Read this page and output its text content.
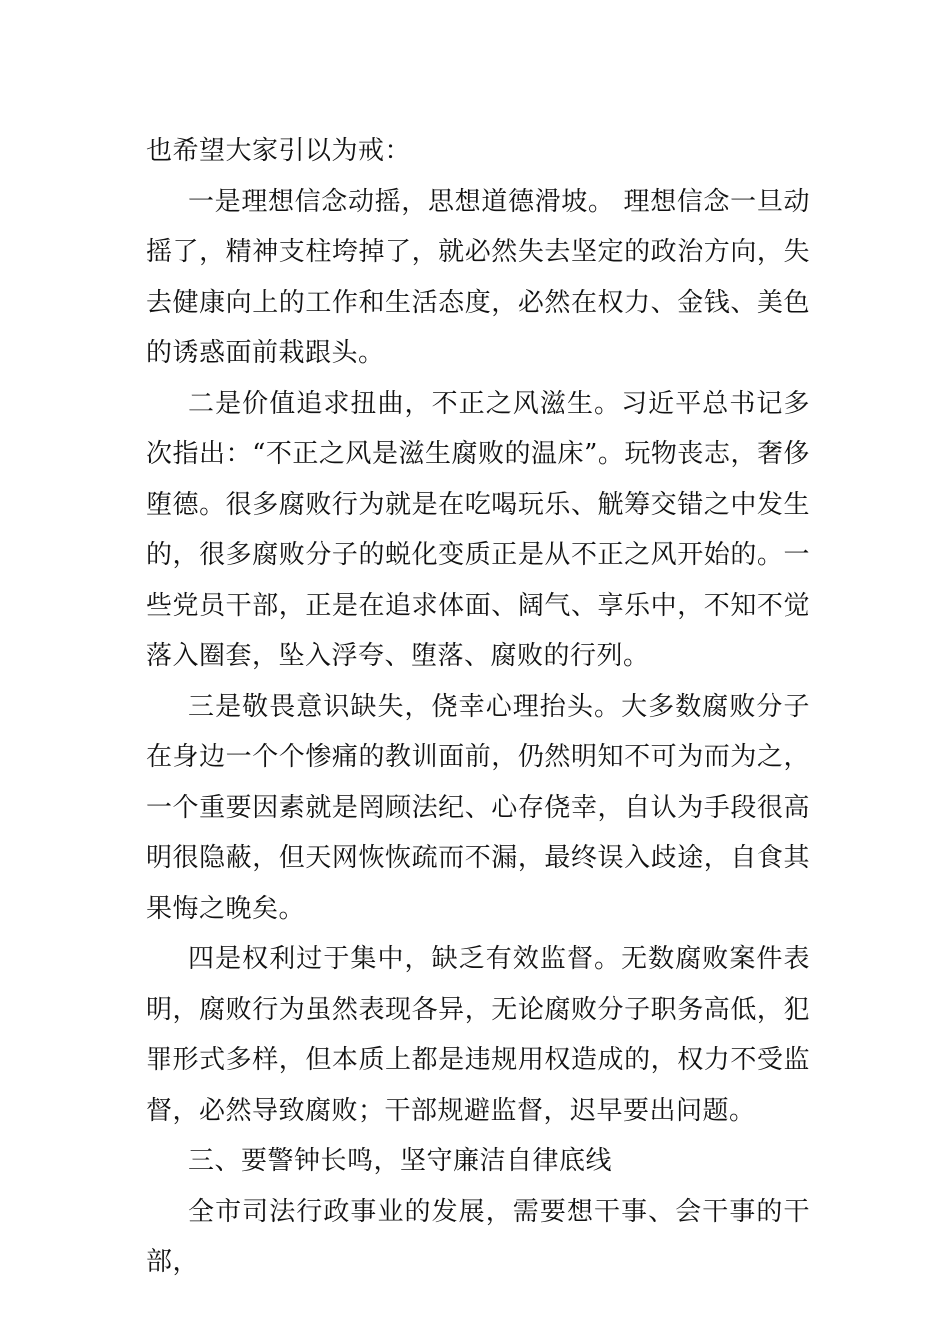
也希望大家引以为戒：

一是理想信念动摇，思想道德滑坡。 理想信念一旦动摇了，精神支柱垮掉了，就必然失去坚定的政治方向，失去健康向上的工作和生活态度，必然在权力、金钱、美色的诱惑面前栽跟头。

二是价值追求扭曲，不正之风滋生。习近平总书记多次指出：“不正之风是滋生腐败的温床”。玩物丧志，奢侈堕德。很多腐败行为就是在吃喝玩乐、觥筹交错之中发生的，很多腐败分子的蜕化变质正是从不正之风开始的。一些党员干部，正是在追求体面、阔气、享乐中，不知不觉落入圈套，坠入浮夸、堕落、腐败的行列。

三是敬畏意识缺失，侥幸心理抬头。大多数腐败分子在身边一个个惨痛的教训面前，仍然明知不可为而为之，一个重要因素就是罔顾法纪、心存侥幸，自认为手段很高明很隐蔽，但天网恢恢疏而不漏，最终误入歧途，自食其果悔之晚矣。

四是权利过于集中，缺乏有效监督。无数腐败案件表明，腐败行为虽然表现各异，无论腐败分子职务高低，犯罪形式多样，但本质上都是违规用权造成的，权力不受监督，必然导致腐败；干部规避监督，迟早要出问题。

三、要警钟长鸣，坚守廉洁自律底线

全市司法行政事业的发展，需要想干事、会干事的干部，
